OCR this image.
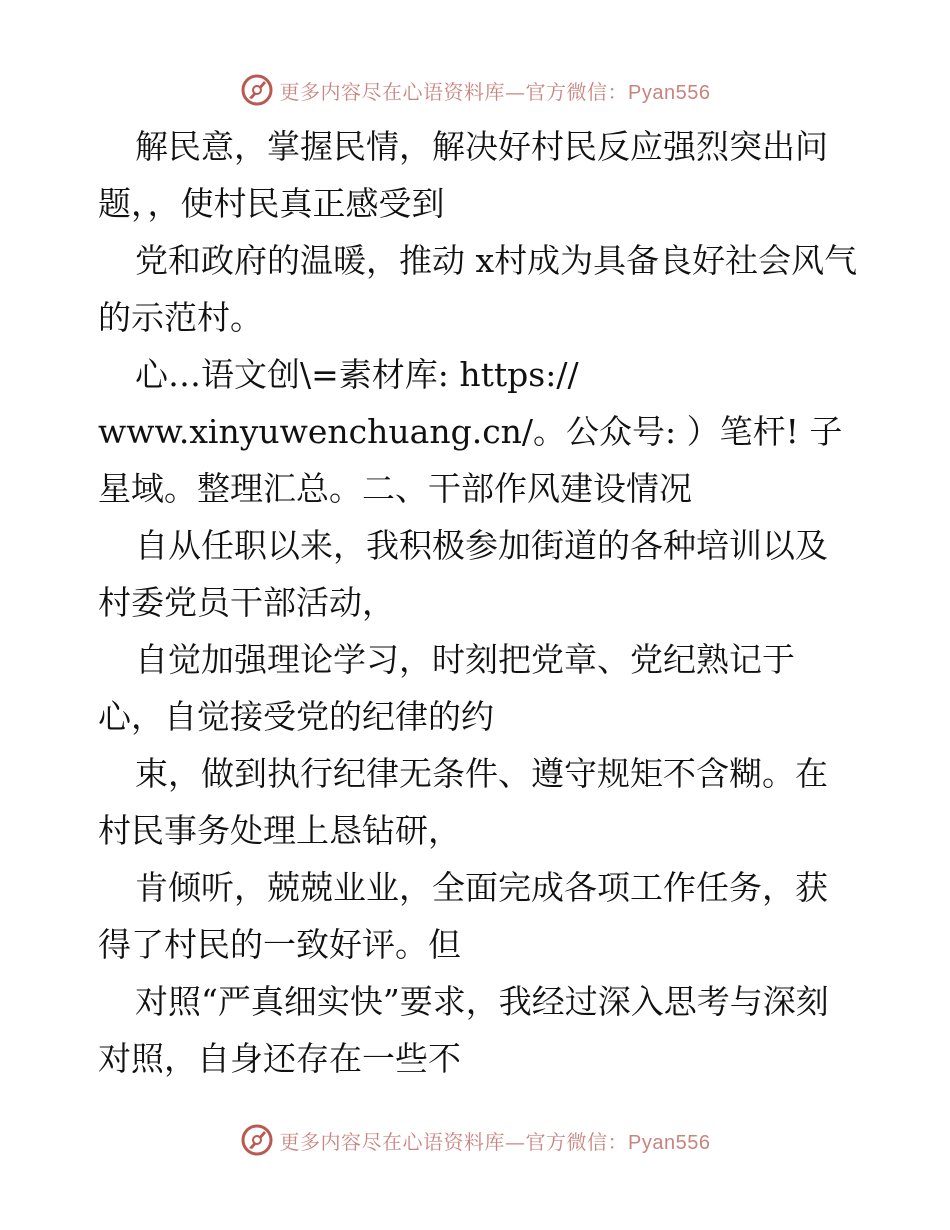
更多内容尽在心语资料库—官方微信：Pyan556

解民意，掌握民情，解决好村民反应强烈突出问题，，使村民真正感受到

党和政府的温暖，推动 x村成为具备良好社会风气的示范村。

心…语文创\=素材库: https://

www.xinyuwenchuang.cn/。公众号: ）笔杆! 子星域。整理汇总。二、干部作风建设情况

自从任职以来，我积极参加街道的各种培训以及村委党员干部活动，

自觉加强理论学习，时刻把党章、党纪熟记于心，自觉接受党的纪律的约

束，做到执行纪律无条件、遵守规矩不含糊。在村民事务处理上恳钻研，

肯倾听，兢兢业业，全面完成各项工作任务，获得了村民的一致好评。但

对照“严真细实快”要求，我经过深入思考与深刻对照，自身还存在一些不

更多内容尽在心语资料库—官方微信：Pyan556
